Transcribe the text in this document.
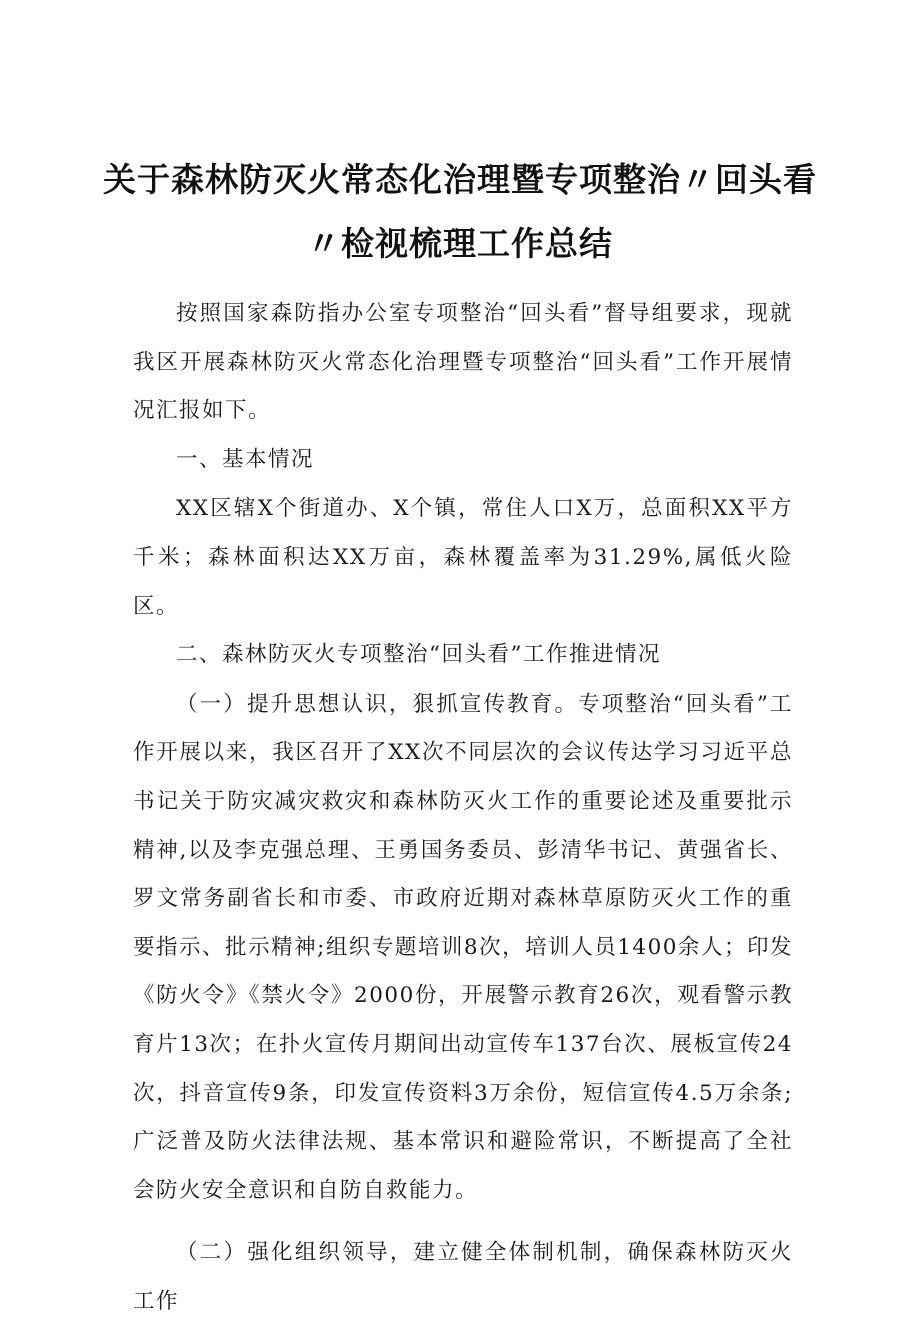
关于森林防灭火常态化治理暨专项整治〃回头看〃检视梳理工作总结

按照国家森防指办公室专项整治“回头看”督导组要求，现就我区开展森林防灭火常态化治理暨专项整治“回头看”工作开展情况汇报如下。

一、基本情况

XX区辖X个街道办、X个镇，常住人口X万，总面积XX平方千米；森林面积达XX万亩，森林覆盖率为31.29%,属低火险区。

二、森林防灭火专项整治“回头看”工作推进情况

（一）提升思想认识，狠抓宣传教育。专项整治“回头看”工作开展以来，我区召开了XX次不同层次的会议传达学习习近平总书记关于防灾减灾救灾和森林防灭火工作的重要论述及重要批示精神,以及李克强总理、王勇国务委员、彭清华书记、黄强省长、罗文常务副省长和市委、市政府近期对森林草原防灭火工作的重要指示、批示精神;组织专题培训8次，培训人员1400余人；印发《防火令》《禁火令》2000份，开展警示教育26次，观看警示教育片13次；在扑火宣传月期间出动宣传车137台次、展板宣传24次，抖音宣传9条，印发宣传资料3万余份，短信宣传4.5万余条;广泛普及防火法律法规、基本常识和避险常识，不断提高了全社会防火安全意识和自防自救能力。

（二）强化组织领导，建立健全体制机制，确保森林防灭火工作
